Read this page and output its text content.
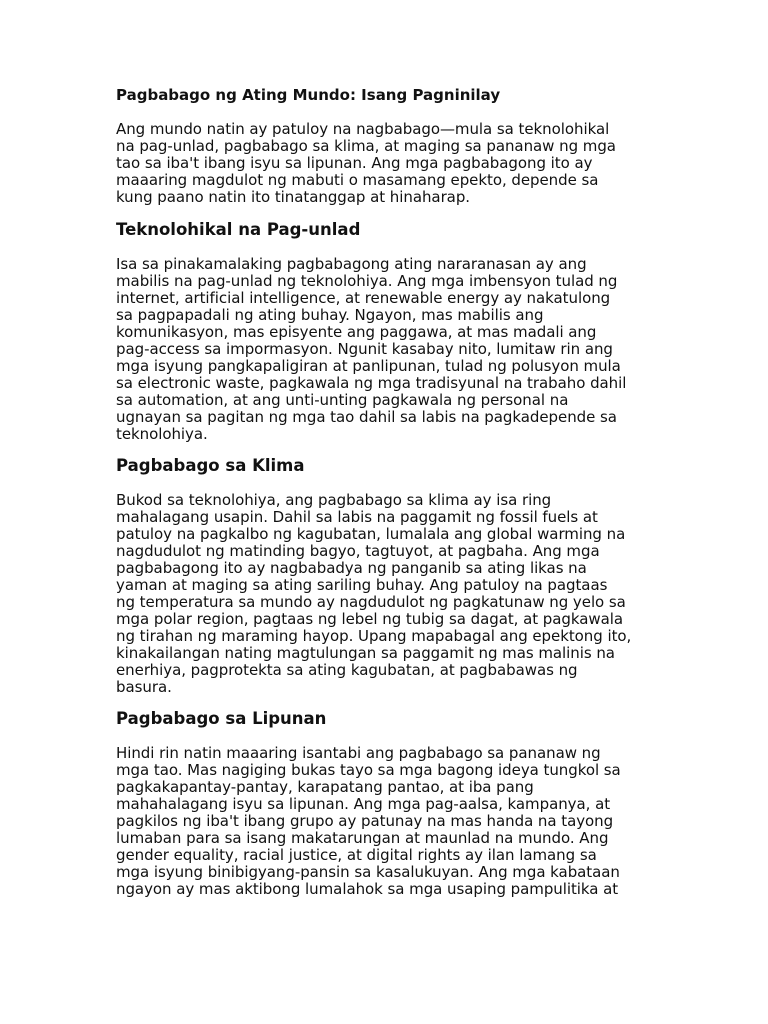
Pagbabago ng Ating Mundo: Isang Pagninilay

Ang mundo natin ay patuloy na nagbabago—mula sa teknolohikal
na pag-unlad, pagbabago sa klima, at maging sa pananaw ng mga
tao sa iba't ibang isyu sa lipunan. Ang mga pagbabagong ito ay
maaaring magdulot ng mabuti o masamang epekto, depende sa
kung paano natin ito tinatanggap at hinaharap.

Teknolohikal na Pag-unlad

Isa sa pinakamalaking pagbabagong ating nararanasan ay ang
mabilis na pag-unlad ng teknolohiya. Ang mga imbensyon tulad ng
internet, artificial intelligence, at renewable energy ay nakatulong
sa pagpapadali ng ating buhay. Ngayon, mas mabilis ang
komunikasyon, mas episyente ang paggawa, at mas madali ang
pag-access sa impormasyon. Ngunit kasabay nito, lumitaw rin ang
mga isyung pangkapaligiran at panlipunan, tulad ng polusyon mula
sa electronic waste, pagkawala ng mga tradisyunal na trabaho dahil
sa automation, at ang unti-unting pagkawala ng personal na
ugnayan sa pagitan ng mga tao dahil sa labis na pagkadepende sa
teknolohiya.

Pagbabago sa Klima

Bukod sa teknolohiya, ang pagbabago sa klima ay isa ring
mahalagang usapin. Dahil sa labis na paggamit ng fossil fuels at
patuloy na pagkalbo ng kagubatan, lumalala ang global warming na
nagdudulot ng matinding bagyo, tagtuyot, at pagbaha. Ang mga
pagbabagong ito ay nagbabadya ng panganib sa ating likas na
yaman at maging sa ating sariling buhay. Ang patuloy na pagtaas
ng temperatura sa mundo ay nagdudulot ng pagkatunaw ng yelo sa
mga polar region, pagtaas ng lebel ng tubig sa dagat, at pagkawala
ng tirahan ng maraming hayop. Upang mapabagal ang epektong ito,
kinakailangan nating magtulungan sa paggamit ng mas malinis na
enerhiya, pagprotekta sa ating kagubatan, at pagbabawas ng
basura.

Pagbabago sa Lipunan

Hindi rin natin maaaring isantabi ang pagbabago sa pananaw ng
mga tao. Mas nagiging bukas tayo sa mga bagong ideya tungkol sa
pagkakapantay-pantay, karapatang pantao, at iba pang
mahahalagang isyu sa lipunan. Ang mga pag-aalsa, kampanya, at
pagkilos ng iba't ibang grupo ay patunay na mas handa na tayong
lumaban para sa isang makatarungan at maunlad na mundo. Ang
gender equality, racial justice, at digital rights ay ilan lamang sa
mga isyung binibigyang-pansin sa kasalukuyan. Ang mga kabataan
ngayon ay mas aktibong lumalahok sa mga usaping pampulitika at
